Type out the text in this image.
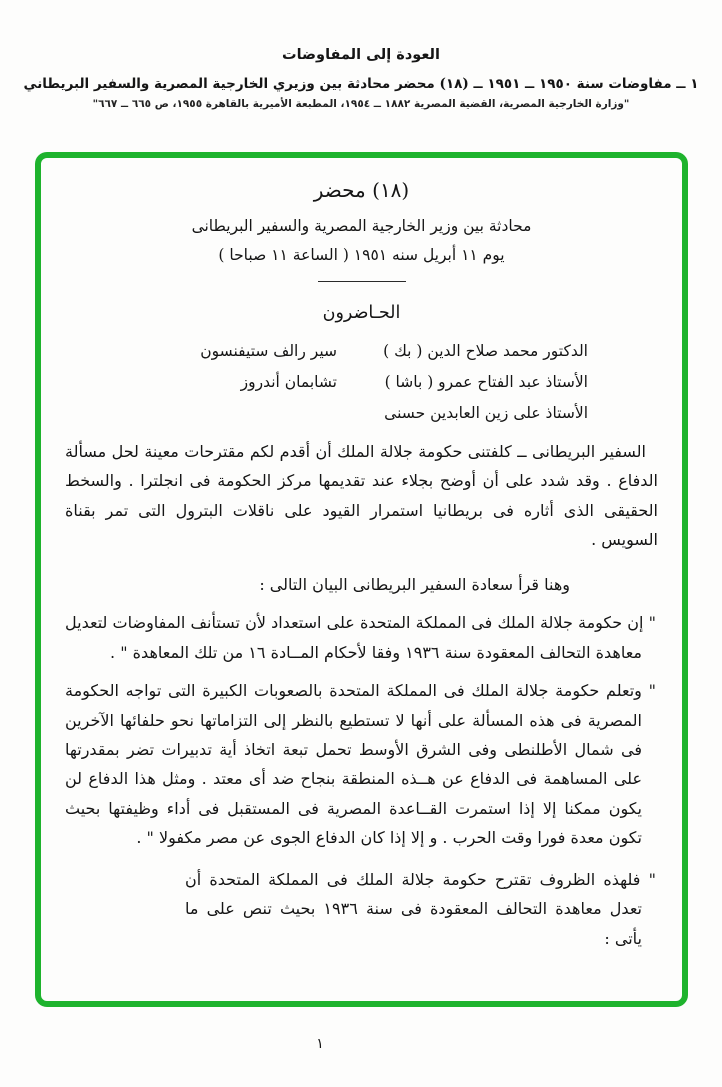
العودة إلى المفاوضات
١ ــ مفاوضات سنة ١٩٥٠ ــ ١٩٥١ ــ (١٨) محضر محادثة بين وزيري الخارجية المصرية والسفير البريطاني
"وزارة الخارجية المصرية، القضية المصرية ١٨٨٢ ــ ١٩٥٤، المطبعة الأميرية بالقاهرة ١٩٥٥، ص ٦٦٥ ــ ٦٦٧"
(١٨) محضر
محادثة بين وزير الخارجية المصرية والسفير البريطانى
يوم ١١ أبريل سنه ١٩٥١ ( الساعة ١١ صباحا )
الحـاضرون
الدكتور محمد صلاح الدين ( بك )
سير رالف ستيفنسون
الأستاذ عبد الفتاح عمرو ( باشا )
تشابمان أندروز
الأستاذ على زين العابدين حسنى

السفير البريطانى ــ كلفتنى حكومة جلالة الملك أن أقدم لكم مقترحات معينة لحل مسألة الدفاع . وقد شدد على أن أوضح بجلاء عند تقديمها مركز الحكومة فى انجلترا . والسخط الحقيقى الذى أثاره فى بريطانيا استمرار القيود على ناقلات البترول التى تمر بقناة السويس .

وهنا قرأ سعادة السفير البريطانى البيان التالى :

" إن حكومة جلالة الملك فى المملكة المتحدة على استعداد لأن تستأنف المفاوضات لتعديل معاهدة التحالف المعقودة سنة ١٩٣٦ وفقا لأحكام المــادة ١٦ من تلك المعاهدة " .

" وتعلم حكومة جلالة الملك فى المملكة المتحدة بالصعوبات الكبيرة التى تواجه الحكومة المصرية فى هذه المسألة على أنها لا تستطيع بالنظر إلى التزاماتها نحو حلفائها الآخرين فى شمال الأطلنطى وفى الشرق الأوسط تحمل تبعة اتخاذ أية تدبيرات تضر بمقدرتها على المساهمة فى الدفاع عن هــذه المنطقة بنجاح ضد أى معتد . ومثل هذا الدفاع لن يكون ممكنا إلا إذا استمرت القــاعدة المصرية فى المستقبل فى أداء وظيفتها بحيث تكون معدة فورا وقت الحرب . و إلا إذا كان الدفاع الجوى عن مصر مكفولا " .

" فلهذه الظروف تقترح حكومة جلالة الملك فى المملكة المتحدة أن تعدل معاهدة التحالف المعقودة فى سنة ١٩٣٦ بحيث تنص على ما يأتى :

١
